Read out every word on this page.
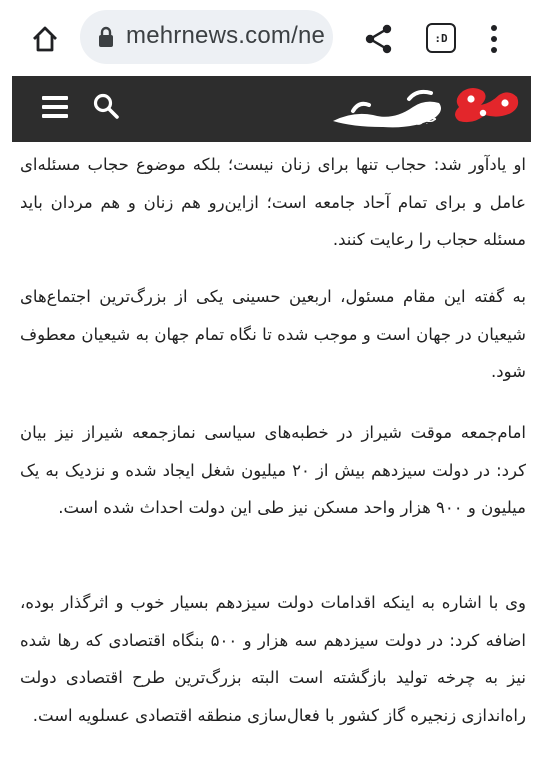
mehrnews.com/ne	:D
خبرگزاری

او یادآور شد: حجاب تنها برای زنان نیست؛ بلکه موضوع حجاب مسئله‌ای عامل و برای تمام آحاد جامعه است؛ ازاین‌رو هم زنان و هم مردان باید مسئله حجاب را رعایت کنند.

به گفته این مقام مسئول، اربعین حسینی یکی از بزرگ‌ترین اجتماع‌های شیعیان در جهان است و موجب شده تا نگاه تمام جهان به شیعیان معطوف شود.

امام‌جمعه موقت شیراز در خطبه‌های سیاسی نمازجمعه شیراز نیز بیان کرد: در دولت سیزدهم بیش از ۲۰ میلیون شغل ایجاد شده و نزدیک به یک میلیون و ۹۰۰ هزار واحد مسکن نیز طی این دولت احداث شده است.

وی با اشاره به اینکه اقدامات دولت سیزدهم بسیار خوب و اثرگذار بوده، اضافه کرد: در دولت سیزدهم سه هزار و ۵۰۰ بنگاه اقتصادی که رها شده نیز به چرخه تولید بازگشته است البته بزرگ‌ترین طرح اقتصادی دولت راه‌اندازی زنجیره گاز کشور با فعال‌سازی منطقه اقتصادی عسلویه است.
